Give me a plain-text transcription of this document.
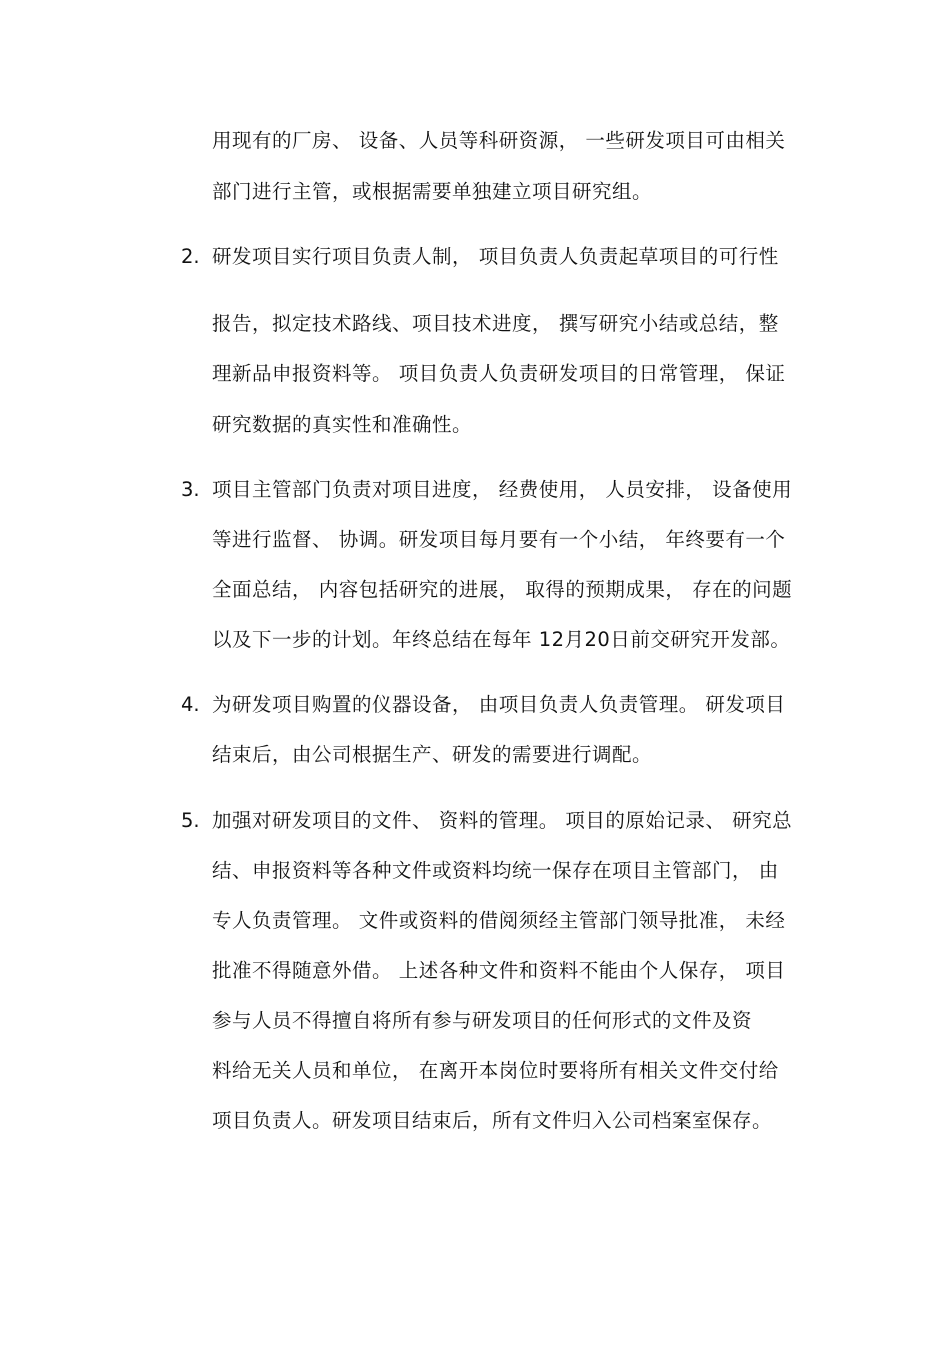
用现有的厂房、 设备、人员等科研资源， 一些研发项目可由相关
部门进行主管，或根据需要单独建立项目研究组。
2. 研发项目实行项目负责人制， 项目负责人负责起草项目的可行性
报告，拟定技术路线、项目技术进度， 撰写研究小结或总结，整
理新品申报资料等。 项目负责人负责研发项目的日常管理， 保证
研究数据的真实性和准确性。
3. 项目主管部门负责对项目进度， 经费使用， 人员安排， 设备使用
等进行监督、 协调。研发项目每月要有一个小结， 年终要有一个
全面总结， 内容包括研究的进展， 取得的预期成果， 存在的问题
以及下一步的计划。年终总结在每年 12月20日前交研究开发部。
4. 为研发项目购置的仪器设备， 由项目负责人负责管理。 研发项目
结束后，由公司根据生产、研发的需要进行调配。
5. 加强对研发项目的文件、 资料的管理。 项目的原始记录、 研究总
结、申报资料等各种文件或资料均统一保存在项目主管部门， 由
专人负责管理。 文件或资料的借阅须经主管部门领导批准， 未经
批准不得随意外借。 上述各种文件和资料不能由个人保存， 项目
参与人员不得擅自将所有参与研发项目的任何形式的文件及资
料给无关人员和单位， 在离开本岗位时要将所有相关文件交付给
项目负责人。研发项目结束后，所有文件归入公司档案室保存。
